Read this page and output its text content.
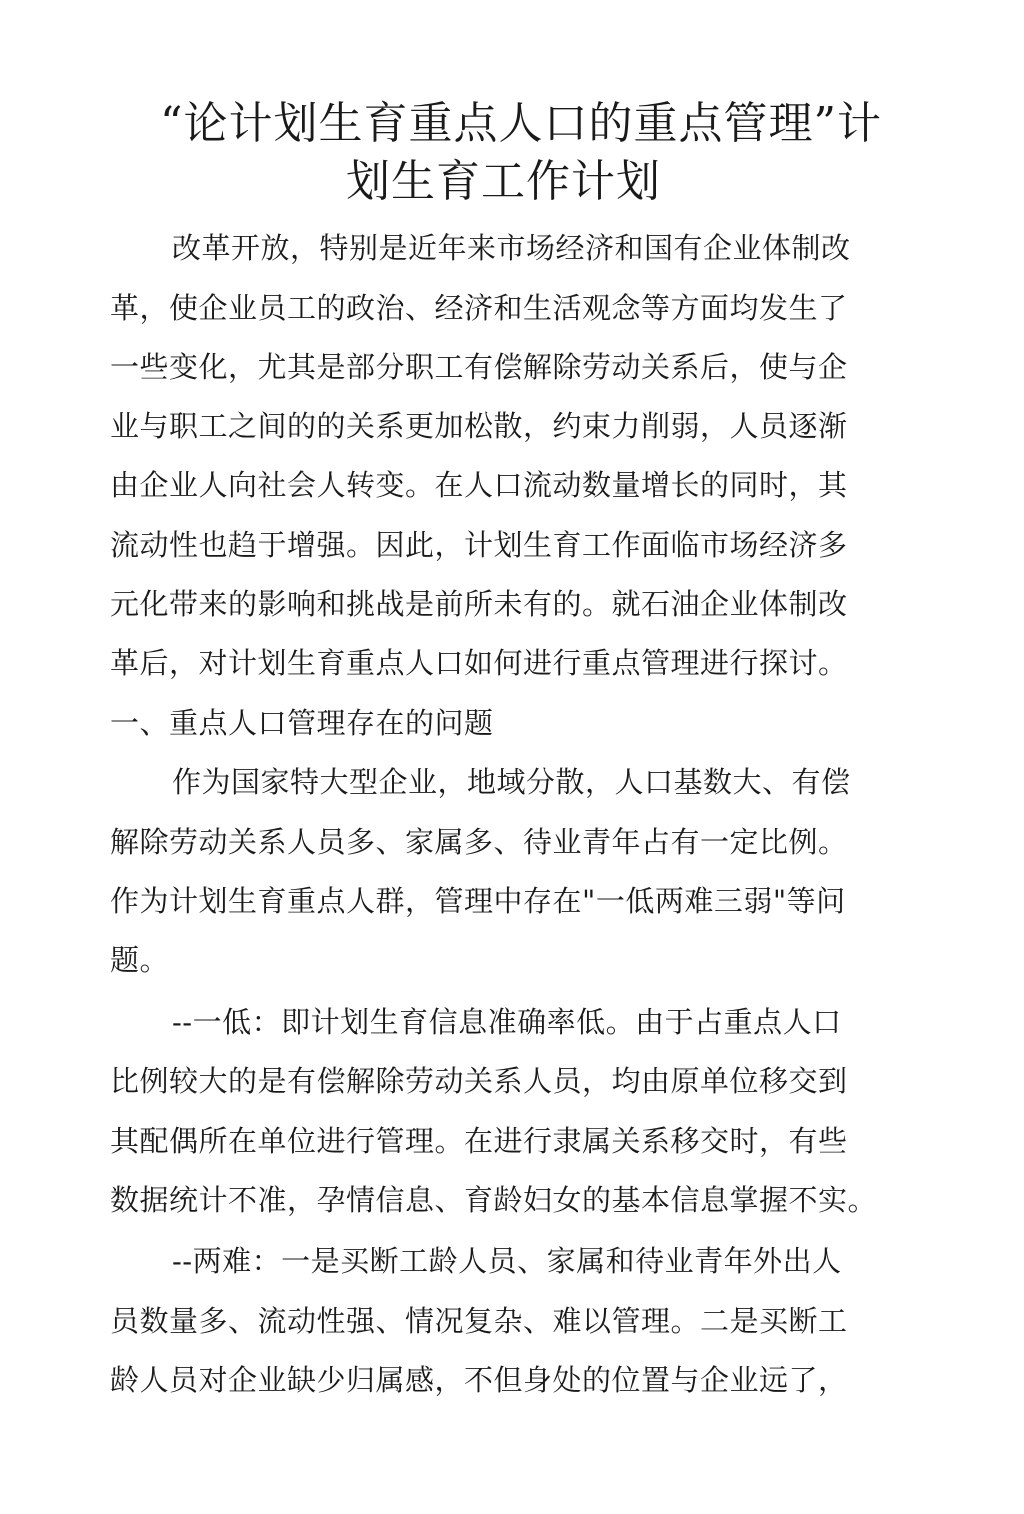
“论计划生育重点人口的重点管理”计
划生育工作计划
改革开放，特别是近年来市场经济和国有企业体制改
革，使企业员工的政治、经济和生活观念等方面均发生了
一些变化，尤其是部分职工有偿解除劳动关系后，使与企
业与职工之间的的关系更加松散，约束力削弱，人员逐渐
由企业人向社会人转变。在人口流动数量增长的同时，其
流动性也趋于增强。因此，计划生育工作面临市场经济多
元化带来的影响和挑战是前所未有的。就石油企业体制改
革后，对计划生育重点人口如何进行重点管理进行探讨。
一、重点人口管理存在的问题
作为国家特大型企业，地域分散，人口基数大、有偿
解除劳动关系人员多、家属多、待业青年占有一定比例。
作为计划生育重点人群，管理中存在"一低两难三弱"等问
题。
--一低：即计划生育信息准确率低。由于占重点人口
比例较大的是有偿解除劳动关系人员，均由原单位移交到
其配偶所在单位进行管理。在进行隶属关系移交时，有些
数据统计不准，孕情信息、育龄妇女的基本信息掌握不实。
--两难：一是买断工龄人员、家属和待业青年外出人
员数量多、流动性强、情况复杂、难以管理。二是买断工
龄人员对企业缺少归属感，不但身处的位置与企业远了，
